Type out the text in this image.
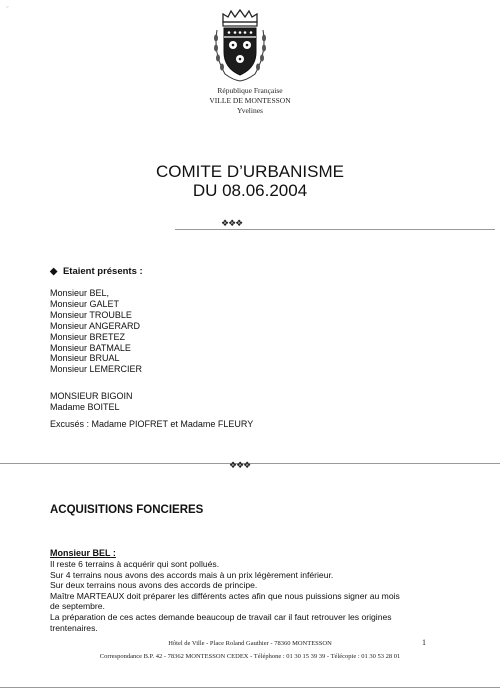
ᵕ
République Française
VILLE DE MONTESSON
Yvelines
COMITE D’URBANISME
DU 08.06.2004
❖❖❖
◆ Etaient présents :
Monsieur BEL,
Monsieur GALET
Monsieur TROUBLE
Monsieur ANGERARD
Monsieur BRETEZ
Monsieur BATMALE
Monsieur BRUAL
Monsieur LEMERCIER
MONSIEUR BIGOIN
Madame BOITEL
Excusés : Madame PIOFRET et Madame FLEURY
❖❖❖
ACQUISITIONS FONCIERES
Monsieur BEL :
Il reste 6 terrains à acquérir qui sont pollués.
Sur 4 terrains nous avons des accords mais à un prix légèrement inférieur.
Sur deux terrains nous avons des accords de principe.
Maître MARTEAUX doit préparer les différents actes afin que nous puissions signer au mois
de septembre.
La préparation de ces actes demande beaucoup de travail car il faut retrouver les origines
trentenaires.
Hôtel de Ville - Place Roland Gauthier - 78360 MONTESSON
Correspondance B.P. 42 - 78362 MONTESSON CEDEX - Téléphone : 01 30 15 39 39 - Télécopie : 01 30 53 28 01
1
